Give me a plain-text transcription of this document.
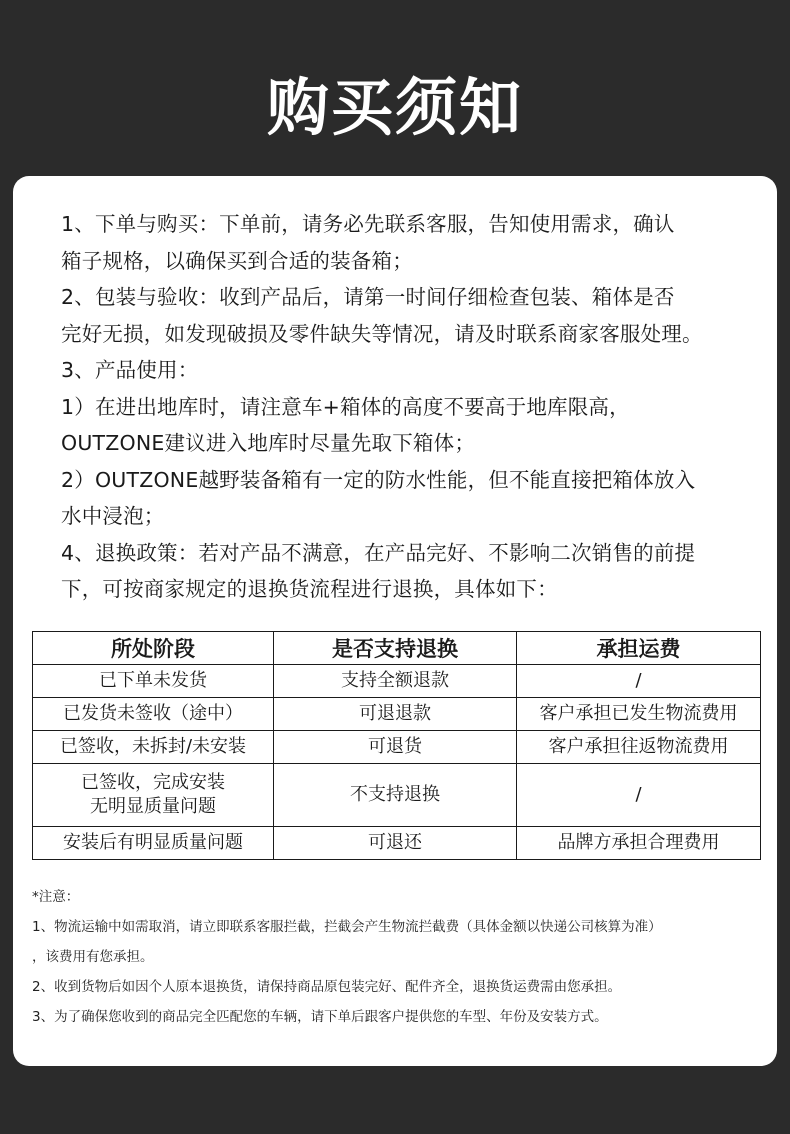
购买须知

1、下单与购买：下单前，请务必先联系客服，告知使用需求，确认

箱子规格，以确保买到合适的装备箱；

2、包装与验收：收到产品后，请第一时间仔细检查包装、箱体是否

完好无损，如发现破损及零件缺失等情况，请及时联系商家客服处理。

3、产品使用：

1）在进出地库时，请注意车+箱体的高度不要高于地库限高，

OUTZONE建议进入地库时尽量先取下箱体；

2）OUTZONE越野装备箱有一定的防水性能，但不能直接把箱体放入

水中浸泡；

4、退换政策：若对产品不满意，在产品完好、不影响二次销售的前提

下，可按商家规定的退换货流程进行退换，具体如下：

所处阶段	是否支持退换	承担运费
已下单未发货	支持全额退款	/
已发货未签收（途中）	可退退款	客户承担已发生物流费用
已签收，未拆封/未安装	可退货	客户承担往返物流费用

已签收，完成安装
无明显质量问题	不支持退换	/
安装后有明显质量问题	可退还	品牌方承担合理费用

*注意：

1、物流运输中如需取消，请立即联系客服拦截，拦截会产生物流拦截费（具体金额以快递公司核算为准）

，该费用有您承担。

2、收到货物后如因个人原本退换货，请保持商品原包装完好、配件齐全，退换货运费需由您承担。

3、为了确保您收到的商品完全匹配您的车辆，请下单后跟客户提供您的车型、年份及安装方式。
